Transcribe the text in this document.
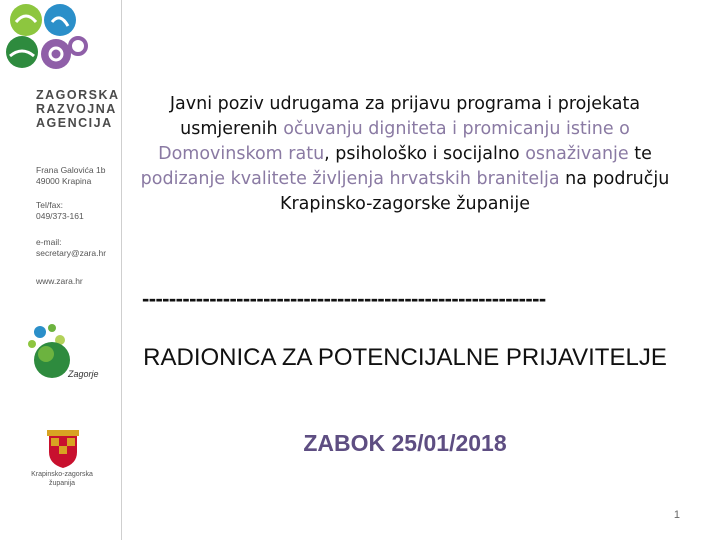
ZAGORSKA
RAZVOJNA
AGENCIJA
Frana Galovića 1b
49000 Krapina
Tel/fax:
049/373-161
e-mail:
secretary@zara.hr
www.zara.hr
Zagorje
Krapinsko-zagorska
županija
Javni poziv udrugama za prijavu programa i projekata usmjerenih očuvanju digniteta i promicanju istine o Domovinskom ratu, psihološko i socijalno osnaživanje te podizanje kvalitete življenja hrvatskih branitelja na području Krapinsko-zagorske županije
------------------------------------------------------------
RADIONICA ZA POTENCIJALNE PRIJAVITELJE
ZABOK 25/01/2018
1
